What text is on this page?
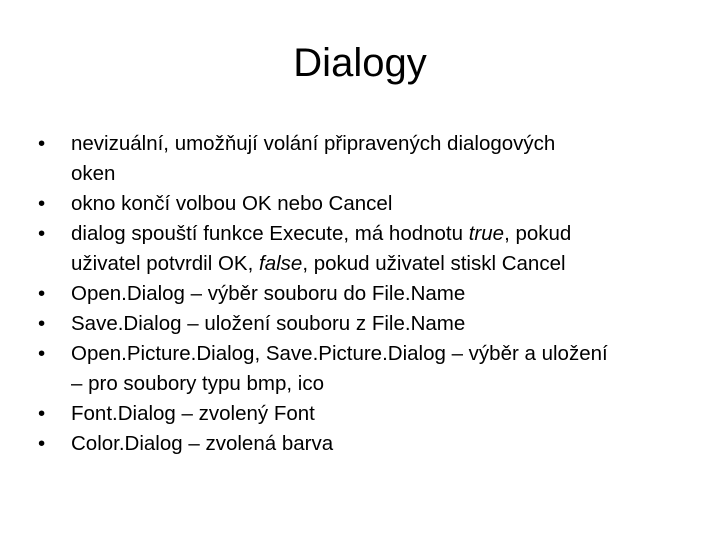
Dialogy
•	nevizuální, umožňují volání připravených dialogových
oken
•	okno končí volbou OK nebo Cancel
•	dialog spouští funkce Execute, má hodnotu true, pokud
uživatel potvrdil OK, false, pokud uživatel stiskl Cancel
•	Open.Dialog – výběr souboru do File.Name
•	Save.Dialog – uložení souboru z File.Name
•	Open.Picture.Dialog, Save.Picture.Dialog – výběr a uložení
– pro soubory typu bmp, ico
•	Font.Dialog – zvolený Font
•	Color.Dialog – zvolená barva
